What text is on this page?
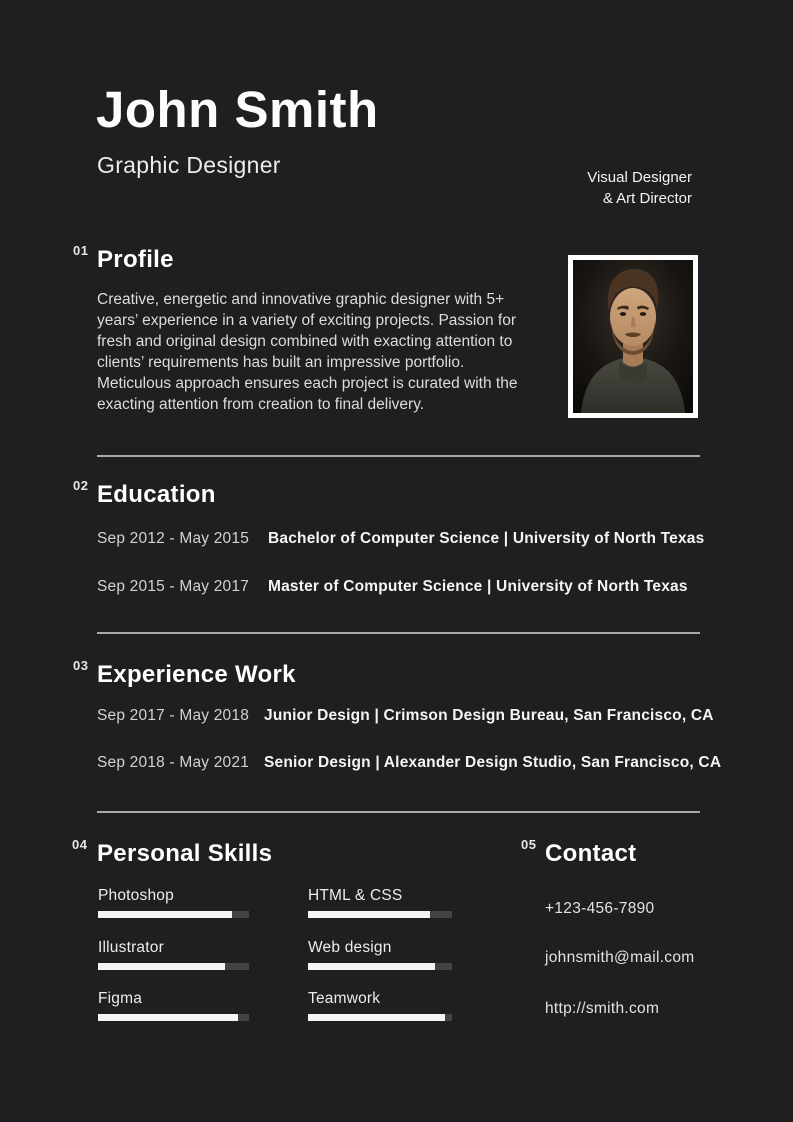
John Smith
Graphic Designer	Visual Designer
& Art Director
01 Profile
Creative, energetic and innovative graphic designer with 5+ years’ experience in a variety of exciting projects. Passion for fresh and original design combined with exacting attention to clients’ requirements has built an impressive portfolio. Meticulous approach ensures each project is curated with the exacting attention from creation to final delivery.
02 Education
Sep 2012 - May 2015 Bachelor of Computer Science | University of North Texas
Sep 2015 - May 2017 Master of Computer Science | University of North Texas
03 Experience Work
Sep 2017 - May 2018 Junior Design | Crimson Design Bureau, San Francisco, CA
Sep 2018 - May 2021 Senior Design | Alexander Design Studio, San Francisco, CA
04 Personal Skills
Photoshop
Illustrator
Figma
HTML & CSS
Web design
Teamwork
05 Contact
+123-456-7890
johnsmith@mail.com
http://smith.com
